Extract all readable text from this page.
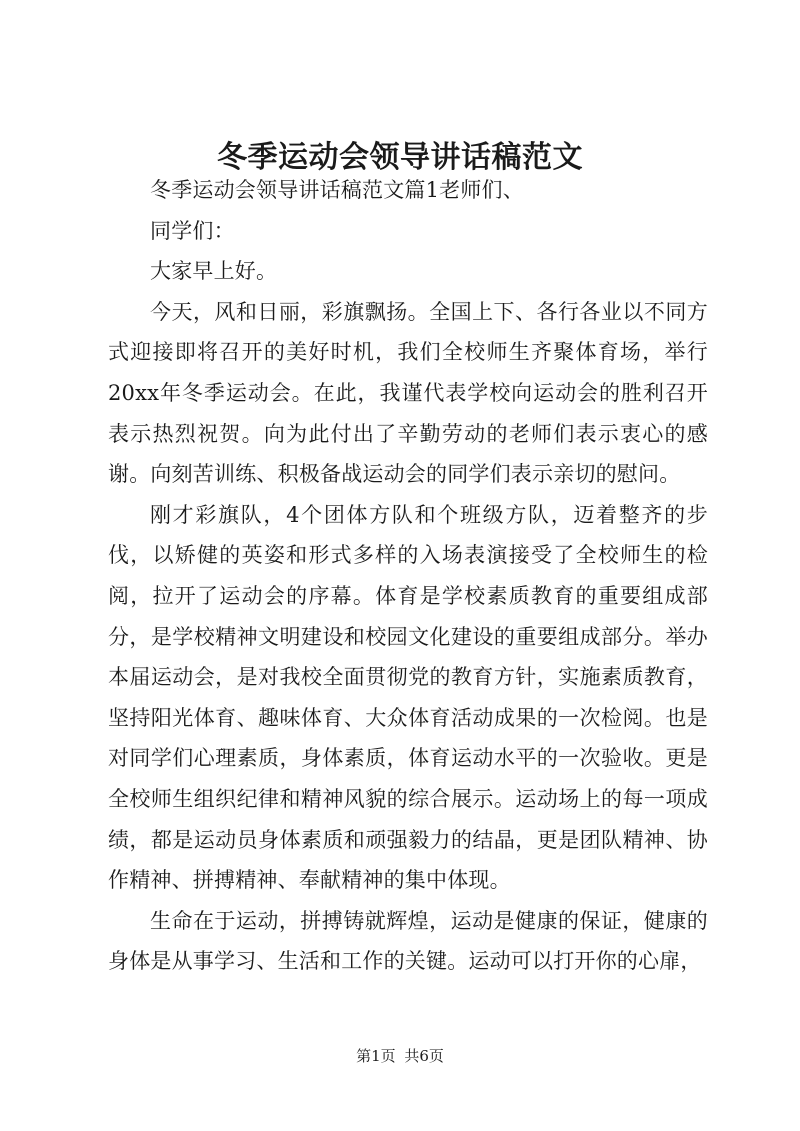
冬季运动会领导讲话稿范文

冬季运动会领导讲话稿范文篇1老师们、

同学们：

大家早上好。

今天，风和日丽，彩旗飘扬。全国上下、各行各业以不同方式迎接即将召开的美好时机，我们全校师生齐聚体育场，举行20xx年冬季运动会。在此，我谨代表学校向运动会的胜利召开表示热烈祝贺。向为此付出了辛勤劳动的老师们表示衷心的感谢。向刻苦训练、积极备战运动会的同学们表示亲切的慰问。

刚才彩旗队，4个团体方队和个班级方队，迈着整齐的步伐，以矫健的英姿和形式多样的入场表演接受了全校师生的检阅，拉开了运动会的序幕。体育是学校素质教育的重要组成部分，是学校精神文明建设和校园文化建设的重要组成部分。举办本届运动会，是对我校全面贯彻党的教育方针，实施素质教育，坚持阳光体育、趣味体育、大众体育活动成果的一次检阅。也是对同学们心理素质，身体素质，体育运动水平的一次验收。更是全校师生组织纪律和精神风貌的综合展示。运动场上的每一项成绩，都是运动员身体素质和顽强毅力的结晶，更是团队精神、协作精神、拼搏精神、奉献精神的集中体现。

生命在于运动，拼搏铸就辉煌，运动是健康的保证，健康的身体是从事学习、生活和工作的关键。运动可以打开你的心扉，

第1页 共6页
